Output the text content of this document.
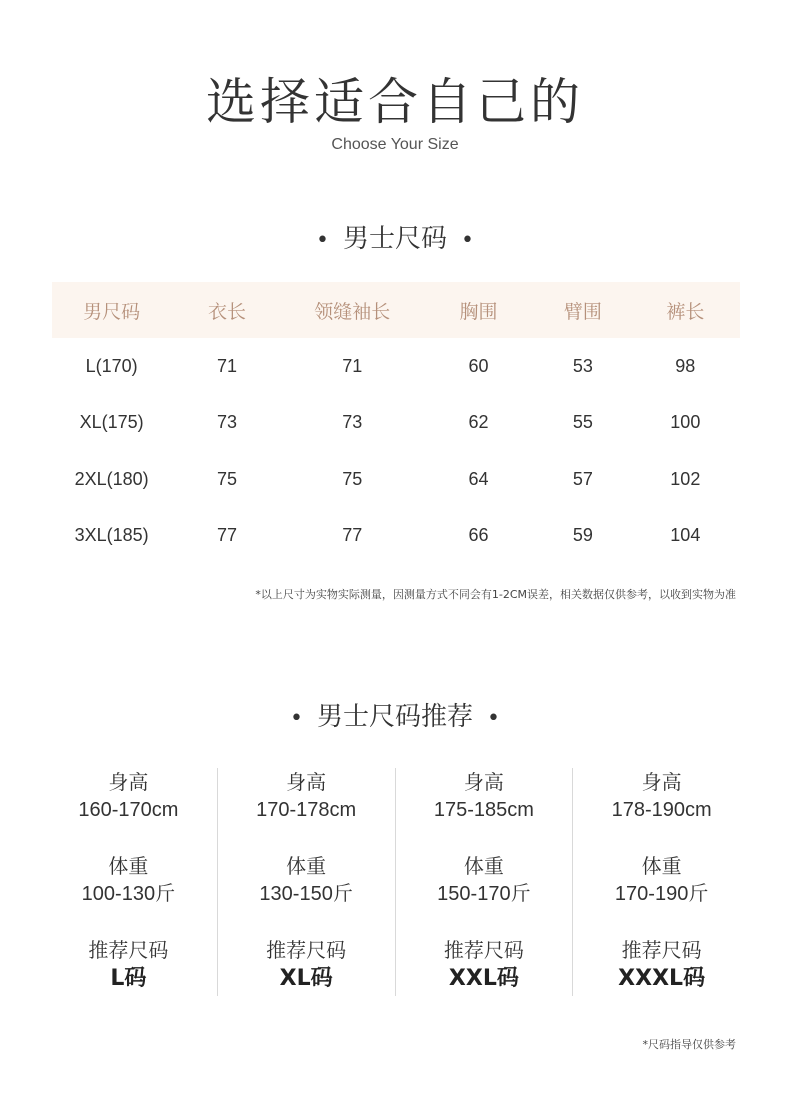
选择适合自己的
Choose Your Size
• 男士尺码 •
男尺码	衣长	领缝袖长	胸围	臂围	裤长
L(170)	71	71	60	53	98
XL(175)	73	73	62	55	100
2XL(180)	75	75	64	57	102
3XL(185)	77	77	66	59	104
*以上尺寸为实物实际测量，因测量方式不同会有1-2CM误差，相关数据仅供参考，以收到实物为准
• 男士尺码推荐 •
身高
160-170cm
体重
100-130斤
推荐尺码
L码
身高
170-178cm
体重
130-150斤
推荐尺码
XL码
身高
175-185cm
体重
150-170斤
推荐尺码
XXL码
身高
178-190cm
体重
170-190斤
推荐尺码
XXXL码
*尺码指导仅供参考
